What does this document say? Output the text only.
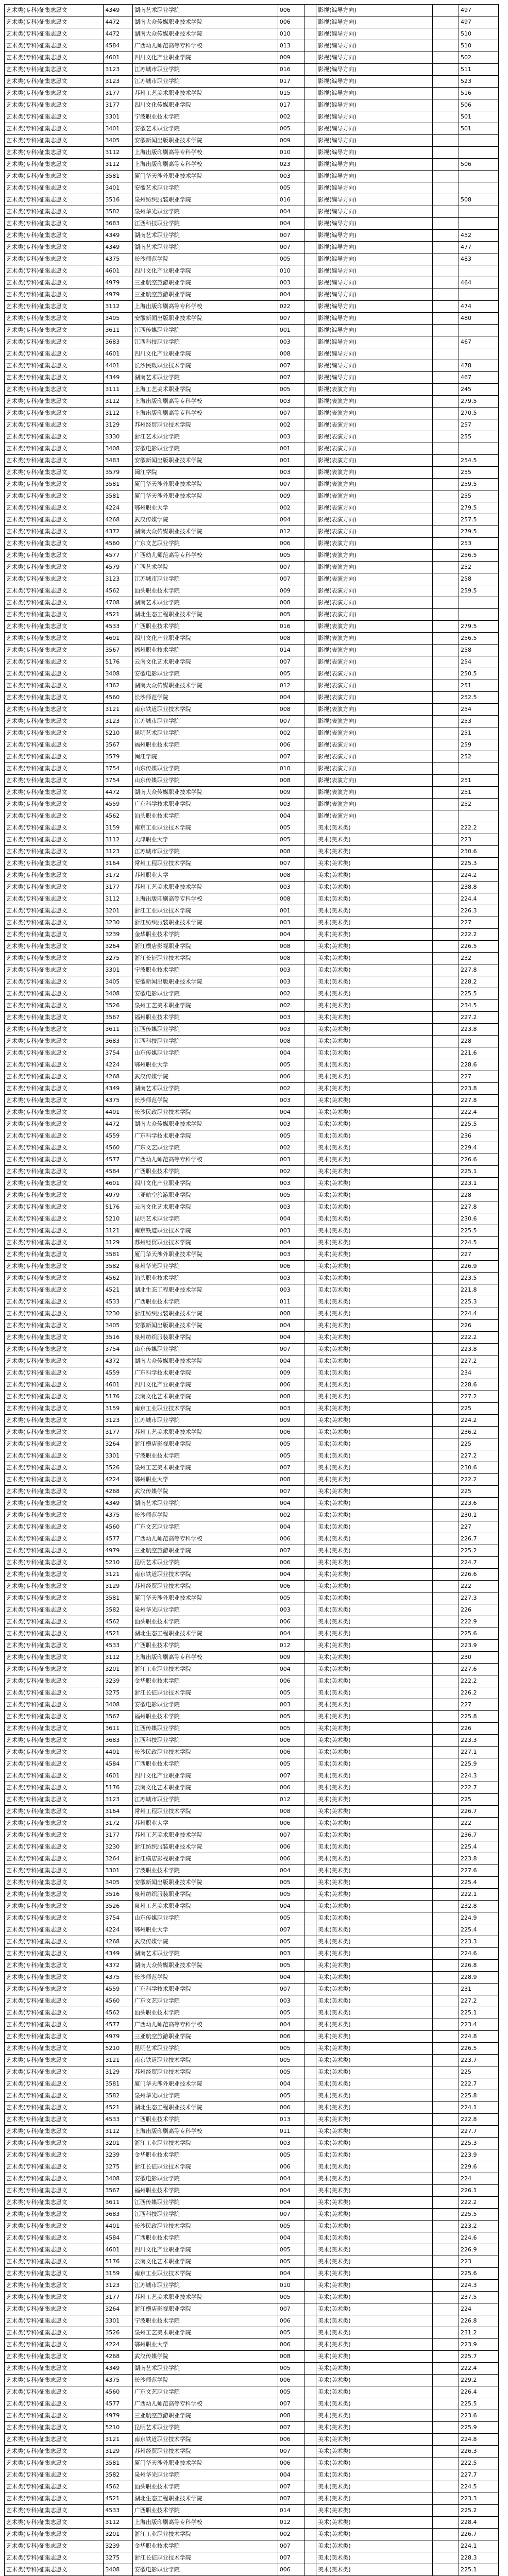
艺术类(专科)征集志愿文	4349	湖南艺术职业学院	006		影视(编导方向)		497
艺术类(专科)征集志愿文	4472	湖南大众传媒职业技术学院	006		影视(编导方向)		497
艺术类(专科)征集志愿文	4472	湖南大众传媒职业技术学院	010		影视(编导方向)		510
艺术类(专科)征集志愿文	4584	广西幼儿师范高等专科学校	013		影视(编导方向)		510
艺术类(专科)征集志愿文	4601	四川文化产业职业学院	009		影视(编导方向)		502
艺术类(专科)征集志愿文	3123	江苏城市职业学院	016		影视(编导方向)		511
艺术类(专科)征集志愿文	3123	江苏城市职业学院	017		影视(编导方向)		523
艺术类(专科)征集志愿文	3177	苏州工艺美术职业技术学院	015		影视(编导方向)		516
艺术类(专科)征集志愿文	3177	四川文化传媒职业学院	017		影视(编导方向)		506
艺术类(专科)征集志愿文	3301	宁波职业技术学院	002		影视(编导方向)		501
艺术类(专科)征集志愿文	3401	安徽艺术职业学院	005		影视(编导方向)		501
艺术类(专科)征集志愿文	3405	安徽新闻出版职业技术学院	009		影视(编导方向)		
艺术类(专科)征集志愿文	3112	上海出版印刷高等专科学校	010		影视(编导方向)		
艺术类(专科)征集志愿文	3112	上海出版印刷高等专科学校	023		影视(编导方向)		506
艺术类(专科)征集志愿文	3581	厦门华天涉外职业技术学院	003		影视(编导方向)		
艺术类(专科)征集志愿文	3401	安徽艺术职业学院	005		影视(编导方向)		
艺术类(专科)征集志愿文	3516	泉州纺织服装职业学院	016		影视(编导方向)		508
艺术类(专科)征集志愿文	3582	泉州华光职业学院	004		影视(编导方向)		
艺术类(专科)征集志愿文	3683	江西科技职业学院	004		影视(编导方向)		
艺术类(专科)征集志愿文	4349	湖南艺术职业学院	007		影视(编导方向)		452
艺术类(专科)征集志愿文	4349	湖南艺术职业学院	007		影视(编导方向)		477
艺术类(专科)征集志愿文	4375	长沙师范学院	005		影视(编导方向)		483
艺术类(专科)征集志愿文	4601	四川文化产业职业学院	010		影视(编导方向)		
艺术类(专科)征集志愿文	4979	三亚航空旅游职业学院	003		影视(编导方向)		464
艺术类(专科)征集志愿文	4979	三亚航空旅游职业学院	004		影视(编导方向)		
艺术类(专科)征集志愿文	3112	上海出版印刷高等专科学校	022		影视(编导方向)		474
艺术类(专科)征集志愿文	3405	安徽新闻出版职业技术学院	007		影视(编导方向)		480
艺术类(专科)征集志愿文	3611	江西传媒职业学院	001		影视(编导方向)		
艺术类(专科)征集志愿文	3683	江西科技职业学院	003		影视(编导方向)		467
艺术类(专科)征集志愿文	4601	四川文化产业职业学院	008		影视(编导方向)		
艺术类(专科)征集志愿文	4401	长沙民政职业技术学院	007		影视(编导方向)		478
艺术类(专科)征集志愿文	4349	湖南艺术职业学院	007		影视(编导方向)		467
艺术类(专科)征集志愿文	3111	上海工艺美术职业学院	005		影视(表演方向)		245
艺术类(专科)征集志愿文	3112	上海出版印刷高等专科学校	003		影视(表演方向)		279.5
艺术类(专科)征集志愿文	3112	上海出版印刷高等专科学校	007		影视(表演方向)		270.5
艺术类(专科)征集志愿文	3129	苏州经贸职业技术学院	002		影视(表演方向)		257
艺术类(专科)征集志愿文	3330	浙江艺术职业学院	003		影视(表演方向)		255
艺术类(专科)征集志愿文	3408	安徽电影职业学院	001		影视(表演方向)		
艺术类(专科)征集志愿文	3483	安徽新闻出版职业技术学院	001		影视(表演方向)		254.5
艺术类(专科)征集志愿文	3579	闽江学院	003		影视(表演方向)		255
艺术类(专科)征集志愿文	3581	厦门华天涉外职业技术学院	007		影视(表演方向)		259.5
艺术类(专科)征集志愿文	3581	厦门华天涉外职业技术学院	009		影视(表演方向)		255
艺术类(专科)征集志愿文	4224	鄂州职业大学	002		影视(表演方向)		279.5
艺术类(专科)征集志愿文	4268	武汉传媒学院	004		影视(表演方向)		257.5
艺术类(专科)征集志愿文	4372	湖南大众传媒职业技术学院	012		影视(表演方向)		279.5
艺术类(专科)征集志愿文	4560	广东文艺职业学院	006		影视(表演方向)		253
艺术类(专科)征集志愿文	4577	广西幼儿师范高等专科学校	005		影视(表演方向)		256.5
艺术类(专科)征集志愿文	4579	广西艺术学院	007		影视(表演方向)		252
艺术类(专科)征集志愿文	3123	江苏城市职业学院	007		影视(表演方向)		258
艺术类(专科)征集志愿文	4562	汕头职业技术学院	009		影视(表演方向)		259.5
艺术类(专科)征集志愿文	4708	湖南艺术职业学院	008		影视(表演方向)		
艺术类(专科)征集志愿文	4521	湖北生态工程职业技术学院	005		影视(表演方向)		
艺术类(专科)征集志愿文	4533	广西职业技术学院	016		影视(表演方向)		279.5
艺术类(专科)征集志愿文	4601	四川文化产业职业学院	008		影视(表演方向)		256.5
艺术类(专科)征集志愿文	3567	福州职业技术学院	014		影视(表演方向)		258
艺术类(专科)征集志愿文	5176	云南文化艺术职业学院	007		影视(表演方向)		254
艺术类(专科)征集志愿文	3408	安徽电影职业学院	005		影视(表演方向)		250.5
艺术类(专科)征集志愿文	4362	湖南大众传媒职业技术学院	012		影视(表演方向)		251
艺术类(专科)征集志愿文	4560	长沙师范学院	004		影视(表演方向)		252.5
艺术类(专科)征集志愿文	3121	南京铁道职业技术学院	008		影视(表演方向)		254
艺术类(专科)征集志愿文	3123	江苏城市职业学院	007		影视(表演方向)		253
艺术类(专科)征集志愿文	5210	昆明艺术职业学院	002		影视(表演方向)		251
艺术类(专科)征集志愿文	3567	福州职业技术学院	006		影视(表演方向)		259
艺术类(专科)征集志愿文	3579	闽江学院	007		影视(表演方向)		252
艺术类(专科)征集志愿文	3754	山东传媒职业学院	010		影视(表演方向)		
艺术类(专科)征集志愿文	3754	山东传媒职业学院	008		影视(表演方向)		251
艺术类(专科)征集志愿文	4472	湖南大众传媒职业技术学院	009		影视(表演方向)		251
艺术类(专科)征集志愿文	4559	广东科学技术职业学院	003		影视(表演方向)		252
艺术类(专科)征集志愿文	4562	汕头职业技术学院	004		影视(表演方向)		
艺术类(专科)征集志愿文	3159	南京工业职业技术学院	005		美术(美术类)		222.2
艺术类(专科)征集志愿文	3112	天津职业大学	005		美术(美术类)		223
艺术类(专科)征集志愿文	3123	江苏城市职业学院	008		美术(美术类)		230.6
艺术类(专科)征集志愿文	3164	常州工程职业技术学院	007		美术(美术类)		225.3
艺术类(专科)征集志愿文	3172	苏州职业大学	008		美术(美术类)		224.2
艺术类(专科)征集志愿文	3177	苏州工艺美术职业技术学院	003		美术(美术类)		238.8
艺术类(专科)征集志愿文	3112	上海出版印刷高等专科学校	008		美术(美术类)		224.4
艺术类(专科)征集志愿文	3201	浙江工业职业技术学院	001		美术(美术类)		226.3
艺术类(专科)征集志愿文	3230	浙江纺织服装职业技术学院	003		美术(美术类)		227
艺术类(专科)征集志愿文	3239	金华职业技术学院	004		美术(美术类)		222.2
艺术类(专科)征集志愿文	3264	浙江横店影视职业学院	008		美术(美术类)		226.5
艺术类(专科)征集志愿文	3275	浙江长征职业技术学院	008		美术(美术类)		232
艺术类(专科)征集志愿文	3301	宁波职业技术学院	003		美术(美术类)		227.8
艺术类(专科)征集志愿文	3405	安徽新闻出版职业技术学院	003		美术(美术类)		228.2
艺术类(专科)征集志愿文	3408	安徽电影职业学院	002		美术(美术类)		225.5
艺术类(专科)征集志愿文	3526	泉州工艺美术职业学院	002		美术(美术类)		234.5
艺术类(专科)征集志愿文	3567	福州职业技术学院	003		美术(美术类)		227.2
艺术类(专科)征集志愿文	3611	江西传媒职业学院	003		美术(美术类)		223.8
艺术类(专科)征集志愿文	3683	江西科技职业学院	008		美术(美术类)		228
艺术类(专科)征集志愿文	3754	山东传媒职业学院	004		美术(美术类)		221.6
艺术类(专科)征集志愿文	4224	鄂州职业大学	005		美术(美术类)		228.6
艺术类(专科)征集志愿文	4268	武汉传媒学院	006		美术(美术类)		227
艺术类(专科)征集志愿文	4349	湖南艺术职业学院	002		美术(美术类)		223.8
艺术类(专科)征集志愿文	4375	长沙师范学院	003		美术(美术类)		227.8
艺术类(专科)征集志愿文	4401	长沙民政职业技术学院	004		美术(美术类)		222.4
艺术类(专科)征集志愿文	4472	湖南大众传媒职业技术学院	003		美术(美术类)		225.5
艺术类(专科)征集志愿文	4559	广东科学技术职业学院	005		美术(美术类)		236
艺术类(专科)征集志愿文	4560	广东文艺职业学院	002		美术(美术类)		229.4
艺术类(专科)征集志愿文	4577	广西幼儿师范高等专科学校	003		美术(美术类)		226.6
艺术类(专科)征集志愿文	4584	广西职业技术学院	002		美术(美术类)		225.1
艺术类(专科)征集志愿文	4601	四川文化产业职业学院	003		美术(美术类)		223.1
艺术类(专科)征集志愿文	4979	三亚航空旅游职业学院	005		美术(美术类)		228
艺术类(专科)征集志愿文	5176	云南文化艺术职业学院	003		美术(美术类)		227.8
艺术类(专科)征集志愿文	5210	昆明艺术职业学院	004		美术(美术类)		230.6
艺术类(专科)征集志愿文	3121	南京铁道职业技术学院	003		美术(美术类)		225.5
艺术类(专科)征集志愿文	3129	苏州经贸职业技术学院	004		美术(美术类)		224.5
艺术类(专科)征集志愿文	3581	厦门华天涉外职业技术学院	003		美术(美术类)		227
艺术类(专科)征集志愿文	3582	泉州华光职业学院	006		美术(美术类)		226.9
艺术类(专科)征集志愿文	4562	汕头职业技术学院	003		美术(美术类)		223.5
艺术类(专科)征集志愿文	4521	湖北生态工程职业技术学院	003		美术(美术类)		221.8
艺术类(专科)征集志愿文	4533	广西职业技术学院	011		美术(美术类)		225.3
艺术类(专科)征集志愿文	3230	浙江纺织服装职业技术学院	008		美术(美术类)		224.4
艺术类(专科)征集志愿文	3405	安徽新闻出版职业技术学院	004		美术(美术类)		226
艺术类(专科)征集志愿文	3516	泉州纺织服装职业学院	004		美术(美术类)		222.2
艺术类(专科)征集志愿文	3754	山东传媒职业学院	007		美术(美术类)		223.8
艺术类(专科)征集志愿文	4372	湖南大众传媒职业技术学院	004		美术(美术类)		227.2
艺术类(专科)征集志愿文	4559	广东科学技术职业学院	009		美术(美术类)		234
艺术类(专科)征集志愿文	4601	四川文化产业职业学院	006		美术(美术类)		228.6
艺术类(专科)征集志愿文	5176	云南文化艺术职业学院	008		美术(美术类)		227.2
艺术类(专科)征集志愿文	3159	南京工业职业技术学院	003		美术(美术类)		225
艺术类(专科)征集志愿文	3123	江苏城市职业学院	009		美术(美术类)		224.2
艺术类(专科)征集志愿文	3177	苏州工艺美术职业技术学院	006		美术(美术类)		236.2
艺术类(专科)征集志愿文	3264	浙江横店影视职业学院	005		美术(美术类)		225
艺术类(专科)征集志愿文	3301	宁波职业技术学院	005		美术(美术类)		227.2
艺术类(专科)征集志愿文	3526	泉州工艺美术职业学院	007		美术(美术类)		230.6
艺术类(专科)征集志愿文	4224	鄂州职业大学	008		美术(美术类)		222.2
艺术类(专科)征集志愿文	4268	武汉传媒学院	007		美术(美术类)		225
艺术类(专科)征集志愿文	4349	湖南艺术职业学院	004		美术(美术类)		223.6
艺术类(专科)征集志愿文	4375	长沙师范学院	002		美术(美术类)		230.1
艺术类(专科)征集志愿文	4560	广东文艺职业学院	004		美术(美术类)		227
艺术类(专科)征集志愿文	4577	广西幼儿师范高等专科学校	006		美术(美术类)		226.7
艺术类(专科)征集志愿文	4979	三亚航空旅游职业学院	007		美术(美术类)		225.2
艺术类(专科)征集志愿文	5210	昆明艺术职业学院	006		美术(美术类)		224.7
艺术类(专科)征集志愿文	3121	南京铁道职业技术学院	004		美术(美术类)		226.6
艺术类(专科)征集志愿文	3129	苏州经贸职业技术学院	006		美术(美术类)		222
艺术类(专科)征集志愿文	3581	厦门华天涉外职业技术学院	005		美术(美术类)		227.3
艺术类(专科)征集志愿文	3582	泉州华光职业学院	003		美术(美术类)		226
艺术类(专科)征集志愿文	4562	汕头职业技术学院	006		美术(美术类)		222.9
艺术类(专科)征集志愿文	4521	湖北生态工程职业技术学院	004		美术(美术类)		225.6
艺术类(专科)征集志愿文	4533	广西职业技术学院	012		美术(美术类)		223.9
艺术类(专科)征集志愿文	3112	上海出版印刷高等专科学校	009		美术(美术类)		230
艺术类(专科)征集志愿文	3201	浙江工业职业技术学院	004		美术(美术类)		227.6
艺术类(专科)征集志愿文	3239	金华职业技术学院	006		美术(美术类)		222.2
艺术类(专科)征集志愿文	3275	浙江长征职业技术学院	005		美术(美术类)		226.2
艺术类(专科)征集志愿文	3408	安徽电影职业学院	003		美术(美术类)		227
艺术类(专科)征集志愿文	3567	福州职业技术学院	005		美术(美术类)		225.8
艺术类(专科)征集志愿文	3611	江西传媒职业学院	005		美术(美术类)		226
艺术类(专科)征集志愿文	3683	江西科技职业学院	006		美术(美术类)		223.3
艺术类(专科)征集志愿文	4401	长沙民政职业技术学院	006		美术(美术类)		227.1
艺术类(专科)征集志愿文	4584	广西职业技术学院	005		美术(美术类)		225.9
艺术类(专科)征集志愿文	4601	四川文化产业职业学院	007		美术(美术类)		224.3
艺术类(专科)征集志愿文	5176	云南文化艺术职业学院	006		美术(美术类)		222.7
艺术类(专科)征集志愿文	3123	江苏城市职业学院	012		美术(美术类)		225
艺术类(专科)征集志愿文	3164	常州工程职业技术学院	008		美术(美术类)		226.7
艺术类(专科)征集志愿文	3172	苏州职业大学	006		美术(美术类)		222
艺术类(专科)征集志愿文	3177	苏州工艺美术职业技术学院	007		美术(美术类)		236.7
艺术类(专科)征集志愿文	3230	浙江纺织服装职业技术学院	006		美术(美术类)		225.4
艺术类(专科)征集志愿文	3264	浙江横店影视职业学院	006		美术(美术类)		223.8
艺术类(专科)征集志愿文	3301	宁波职业技术学院	004		美术(美术类)		227.6
艺术类(专科)征集志愿文	3405	安徽新闻出版职业技术学院	005		美术(美术类)		225.4
艺术类(专科)征集志愿文	3516	泉州纺织服装职业学院	005		美术(美术类)		222.1
艺术类(专科)征集志愿文	3526	泉州工艺美术职业学院	004		美术(美术类)		232.8
艺术类(专科)征集志愿文	3754	山东传媒职业学院	005		美术(美术类)		224.9
艺术类(专科)征集志愿文	4224	鄂州职业大学	007		美术(美术类)		225.4
艺术类(专科)征集志愿文	4268	武汉传媒学院	005		美术(美术类)		223.3
艺术类(专科)征集志愿文	4349	湖南艺术职业学院	003		美术(美术类)		224.6
艺术类(专科)征集志愿文	4372	湖南大众传媒职业技术学院	005		美术(美术类)		226.8
艺术类(专科)征集志愿文	4375	长沙师范学院	004		美术(美术类)		228.9
艺术类(专科)征集志愿文	4559	广东科学技术职业学院	007		美术(美术类)		231
艺术类(专科)征集志愿文	4560	广东文艺职业学院	003		美术(美术类)		227.2
艺术类(专科)征集志愿文	4562	汕头职业技术学院	005		美术(美术类)		225.1
艺术类(专科)征集志愿文	4577	广西幼儿师范高等专科学校	004		美术(美术类)		223.4
艺术类(专科)征集志愿文	4979	三亚航空旅游职业学院	006		美术(美术类)		224.8
艺术类(专科)征集志愿文	5210	昆明艺术职业学院	005		美术(美术类)		226.5
艺术类(专科)征集志愿文	3121	南京铁道职业技术学院	005		美术(美术类)		223.7
艺术类(专科)征集志愿文	3129	苏州经贸职业技术学院	005		美术(美术类)		225
艺术类(专科)征集志愿文	3581	厦门华天涉外职业技术学院	004		美术(美术类)		222.7
艺术类(专科)征集志愿文	3582	泉州华光职业学院	005		美术(美术类)		225.8
艺术类(专科)征集志愿文	4521	湖北生态工程职业技术学院	006		美术(美术类)		224.1
艺术类(专科)征集志愿文	4533	广西职业技术学院	013		美术(美术类)		222.8
艺术类(专科)征集志愿文	3112	上海出版印刷高等专科学校	011		美术(美术类)		227.7
艺术类(专科)征集志愿文	3201	浙江工业职业技术学院	003		美术(美术类)		225.3
艺术类(专科)征集志愿文	3239	金华职业技术学院	005		美术(美术类)		223.9
艺术类(专科)征集志愿文	3275	浙江长征职业技术学院	006		美术(美术类)		229.6
艺术类(专科)征集志愿文	3408	安徽电影职业学院	004		美术(美术类)		224
艺术类(专科)征集志愿文	3567	福州职业技术学院	004		美术(美术类)		226.1
艺术类(专科)征集志愿文	3611	江西传媒职业学院	004		美术(美术类)		222.2
艺术类(专科)征集志愿文	3683	江西科技职业学院	007		美术(美术类)		225.5
艺术类(专科)征集志愿文	4401	长沙民政职业技术学院	005		美术(美术类)		223.2
艺术类(专科)征集志愿文	4584	广西职业技术学院	004		美术(美术类)		224.6
艺术类(专科)征集志愿文	4601	四川文化产业职业学院	005		美术(美术类)		226.9
艺术类(专科)征集志愿文	5176	云南文化艺术职业学院	005		美术(美术类)		223
艺术类(专科)征集志愿文	3159	南京工业职业技术学院	004		美术(美术类)		225.6
艺术类(专科)征集志愿文	3123	江苏城市职业学院	010		美术(美术类)		224.3
艺术类(专科)征集志愿文	3177	苏州工艺美术职业技术学院	005		美术(美术类)		237.5
艺术类(专科)征集志愿文	3264	浙江横店影视职业学院	007		美术(美术类)		224
艺术类(专科)征集志愿文	3301	宁波职业技术学院	006		美术(美术类)		226.8
艺术类(专科)征集志愿文	3526	泉州工艺美术职业学院	005		美术(美术类)		231.2
艺术类(专科)征集志愿文	4224	鄂州职业大学	006		美术(美术类)		223.9
艺术类(专科)征集志愿文	4268	武汉传媒学院	008		美术(美术类)		225.7
艺术类(专科)征集志愿文	4349	湖南艺术职业学院	005		美术(美术类)		222.4
艺术类(专科)征集志愿文	4375	长沙师范学院	006		美术(美术类)		229.2
艺术类(专科)征集志愿文	4560	广东文艺职业学院	005		美术(美术类)		226.4
艺术类(专科)征集志愿文	4577	广西幼儿师范高等专科学校	007		美术(美术类)		225.5
艺术类(专科)征集志愿文	4979	三亚航空旅游职业学院	008		美术(美术类)		223.6
艺术类(专科)征集志愿文	5210	昆明艺术职业学院	007		美术(美术类)		225.9
艺术类(专科)征集志愿文	3121	南京铁道职业技术学院	006		美术(美术类)		224.8
艺术类(专科)征集志愿文	3129	苏州经贸职业技术学院	007		美术(美术类)		226.3
艺术类(专科)征集志愿文	3581	厦门华天涉外职业技术学院	006		美术(美术类)		222.5
艺术类(专科)征集志愿文	3582	泉州华光职业学院	004		美术(美术类)		227.7
艺术类(专科)征集志愿文	4562	汕头职业技术学院	007		美术(美术类)		224.5
艺术类(专科)征集志愿文	4521	湖北生态工程职业技术学院	007		美术(美术类)		223.3
艺术类(专科)征集志愿文	4533	广西职业技术学院	014		美术(美术类)		225.2
艺术类(专科)征集志愿文	3112	上海出版印刷高等专科学校	012		美术(美术类)		228.4
艺术类(专科)征集志愿文	3201	浙江工业职业技术学院	002		美术(美术类)		226.7
艺术类(专科)征集志愿文	3239	金华职业技术学院	007		美术(美术类)		224.1
艺术类(专科)征集志愿文	3275	浙江长征职业技术学院	007		美术(美术类)		228.3
艺术类(专科)征集志愿文	3408	安徽电影职业学院	006		美术(美术类)		225.1
